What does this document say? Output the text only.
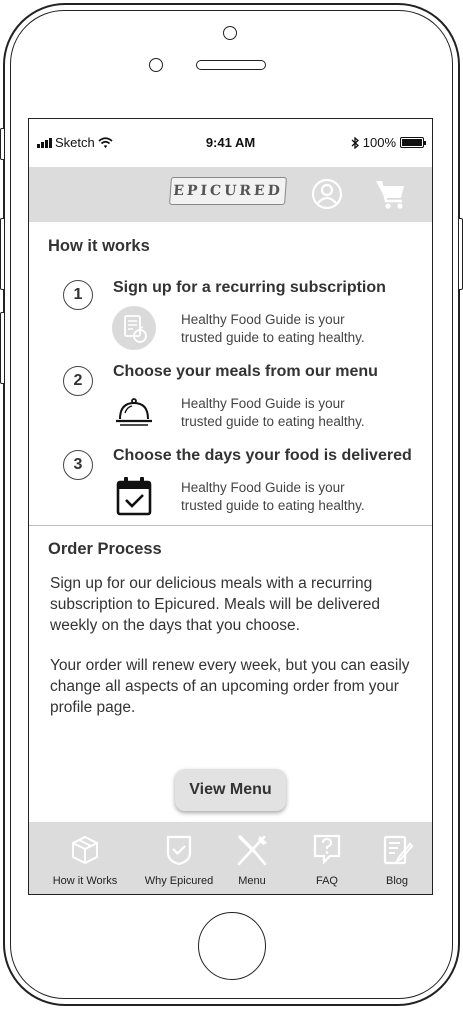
Sketch	9:41 AM	100%
EPICURED
How it works
1	Sign up for a recurring subscription
Healthy Food Guide is your
trusted guide to eating healthy.
2
Choose your meals from our menu
Healthy Food Guide is your
trusted guide to eating healthy.
3
Choose the days your food is delivered
Healthy Food Guide is your
trusted guide to eating healthy.
Order Process
Sign up for our delicious meals with a recurring subscription to Epicured. Meals will be delivered weekly on the days that you choose.
Your order will renew every week, but you can easily change all aspects of an upcoming order from your profile page.
View Menu
How it Works	Why Epicured	Menu	FAQ	Blog
